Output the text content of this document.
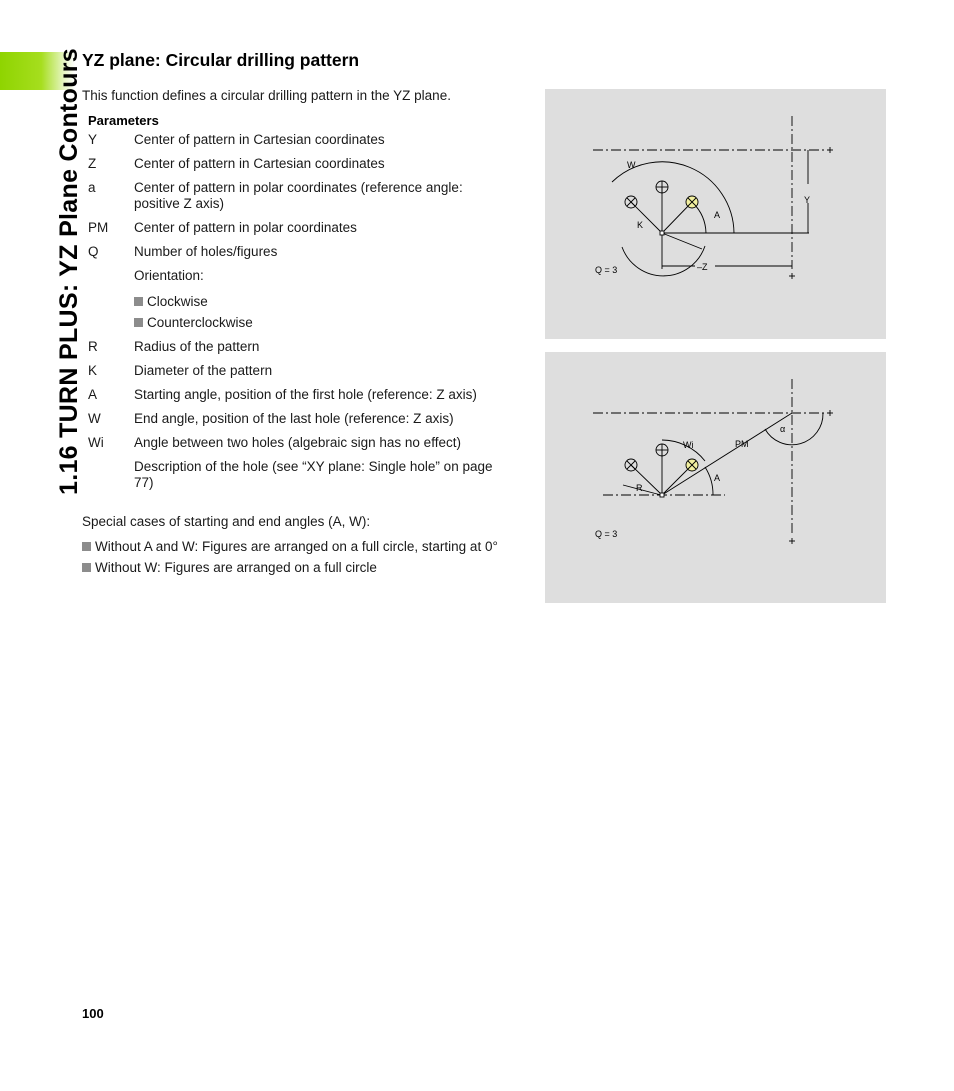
1.16 TURN PLUS: YZ Plane Contours YZ plane: Circular drilling pattern
This function defines a circular drilling pattern in the YZ plane.
Parameters
Y	Center of pattern in Cartesian coordinates
Z	Center of pattern in Cartesian coordinates
a	Center of pattern in polar coordinates (reference angle: positive Z axis)
PM	Center of pattern in polar coordinates
Q	Number of holes/figures
Orientation:
Clockwise
Counterclockwise
R	Radius of the pattern
K	Diameter of the pattern
A	Starting angle, position of the first hole (reference: Z axis)
W	End angle, position of the last hole (reference: Z axis)
Wi	Angle between two holes (algebraic sign has no effect)
Description of the hole (see “XY plane: Single hole” on page 77)
Special cases of starting and end angles (A, W):
Without A and W: Figures are arranged on a full circle, starting at 0°
Without W: Figures are arranged on a full circle
100
W
A
K
Y
–Z
Q = 3
Wi	PM
α
A
R
Q = 3
